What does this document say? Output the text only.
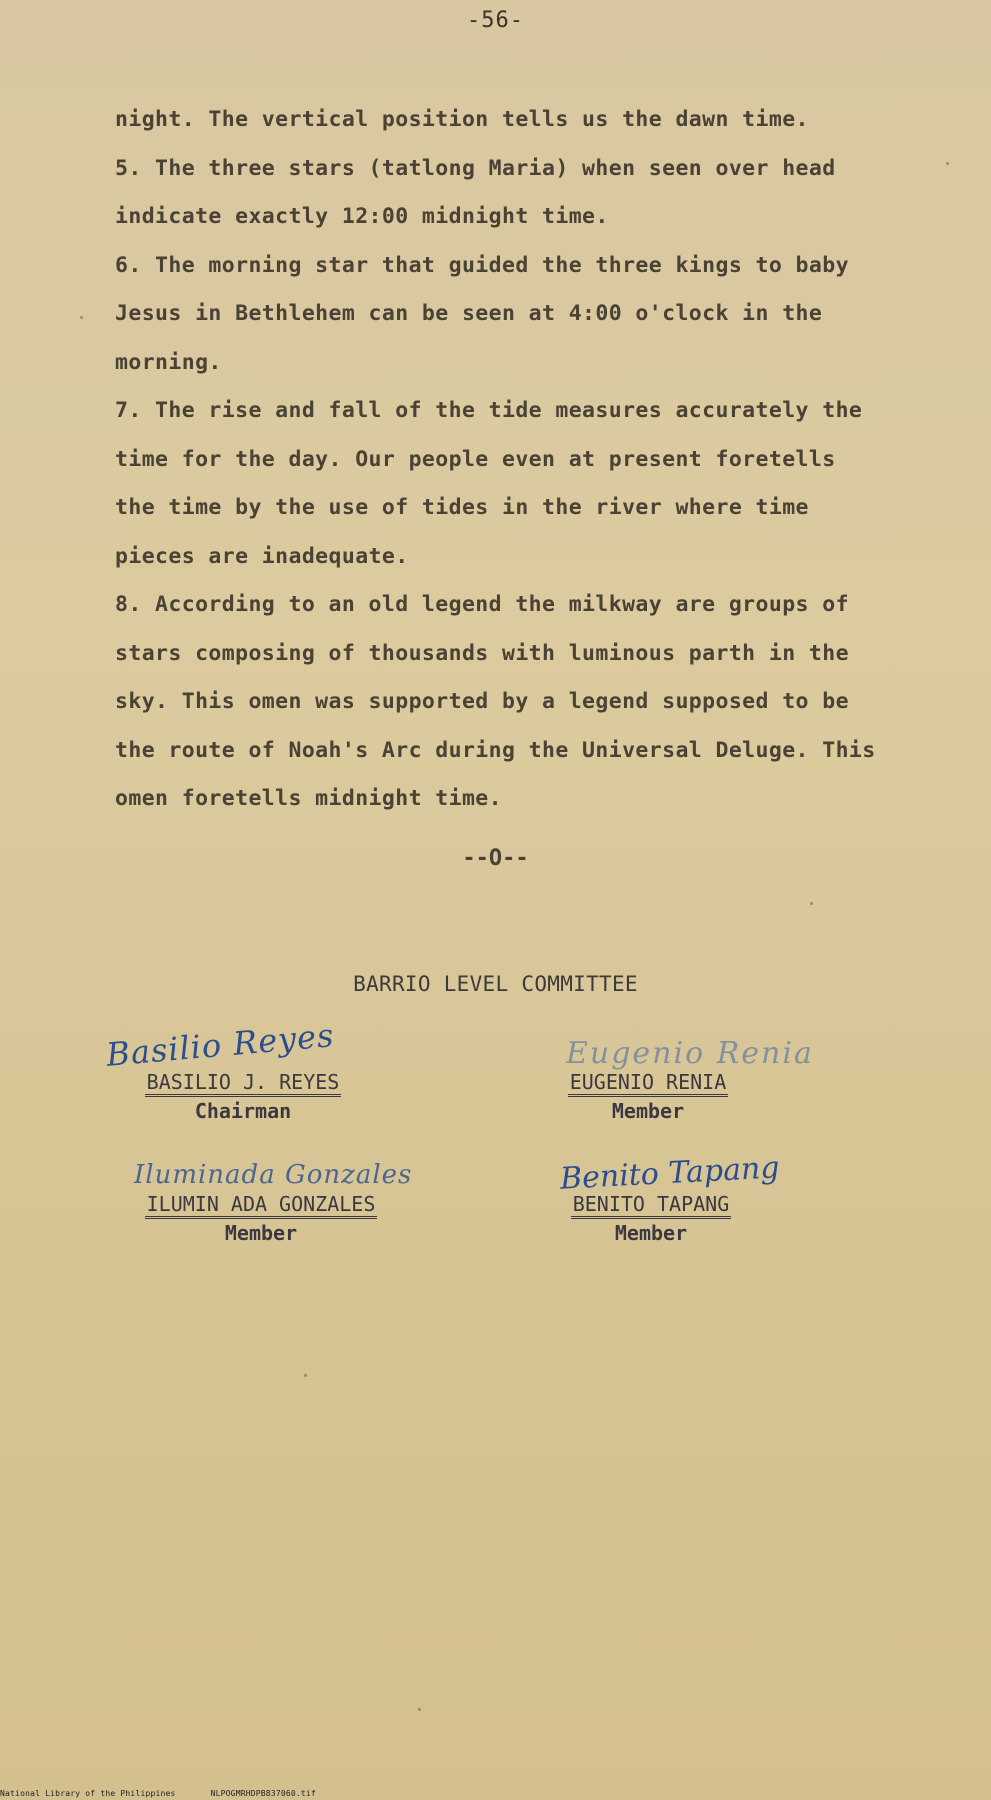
-56-
night. The vertical position tells us the dawn time.
5. The three stars (tatlong Maria) when seen over head
indicate exactly 12:00 midnight time.
6. The morning star that guided the three kings to baby
Jesus in Bethlehem can be seen at 4:00 o'clock in the
morning.
7. The rise and fall of the tide measures accurately the
time for the day. Our people even at present foretells
the time by the use of tides in the river where time
pieces are inadequate.
8. According to an old legend the milkway are groups of
stars composing of thousands with luminous parth in the
sky. This omen was supported by a legend supposed to be
the route of Noah's Arc during the Universal Deluge. This
omen foretells midnight time.
--O--
BARRIO LEVEL COMMITTEE
Basilio Reyes
BASILIO J. REYES
Chairman
Eugenio Renia
EUGENIO RENIA
Member
Iluminada Gonzales
ILUMIN ADA GONZALES
Member
Benito Tapang
BENITO TAPANG
Member
National Library of the Philippines	NLPOGMRHDPB837060.tif
